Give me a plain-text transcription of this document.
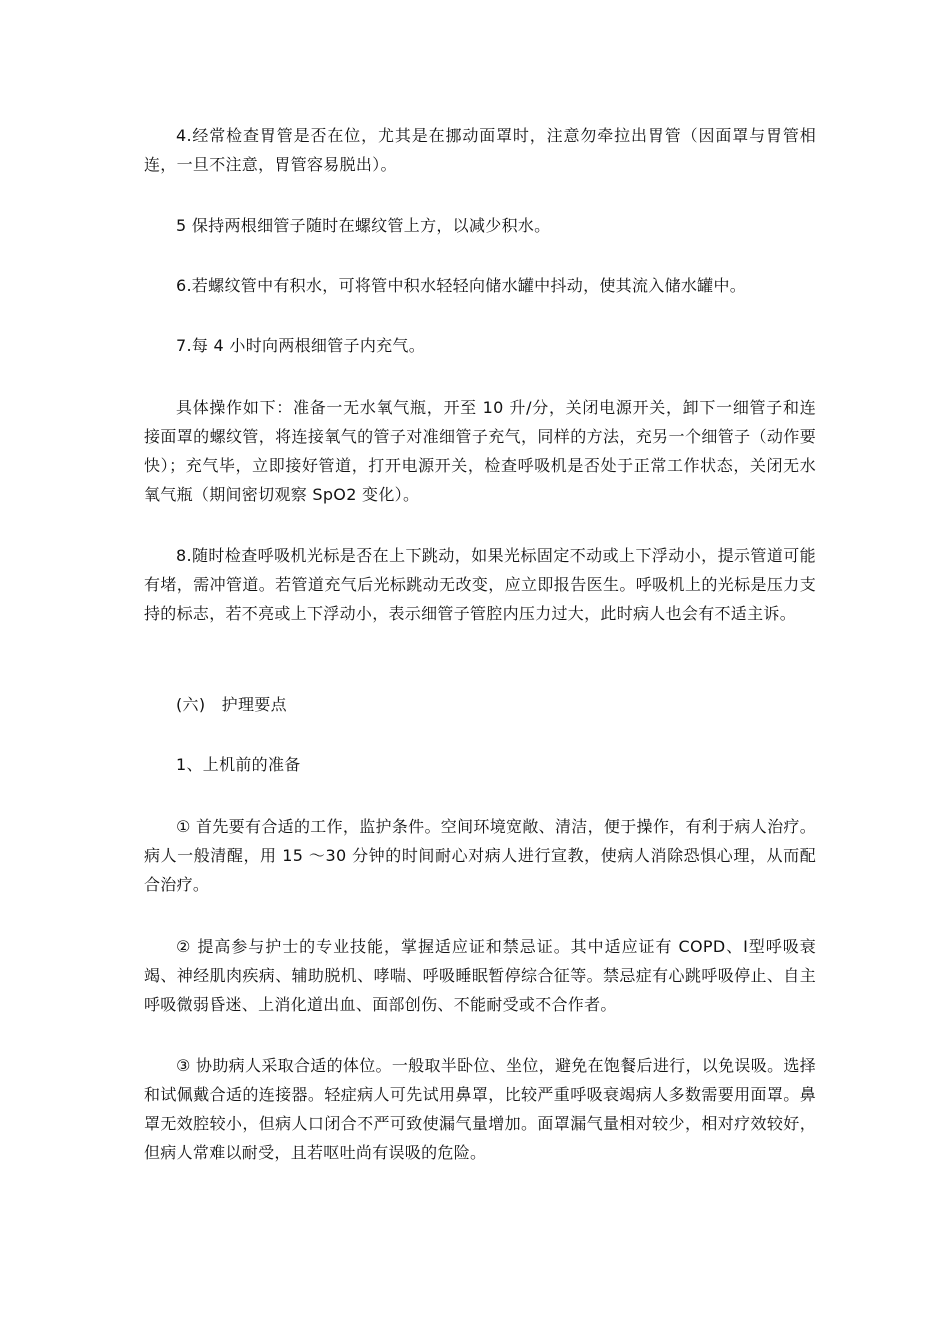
4.经常检查胃管是否在位，尤其是在挪动面罩时，注意勿牵拉出胃管（因面罩与胃管相连，一旦不注意，胃管容易脱出）。

5 保持两根细管子随时在螺纹管上方，以减少积水。

6.若螺纹管中有积水，可将管中积水轻轻向储水罐中抖动，使其流入储水罐中。

7.每 4 小时向两根细管子内充气。

具体操作如下：准备一无水氧气瓶，开至 10 升/分，关闭电源开关，卸下一细管子和连接面罩的螺纹管，将连接氧气的管子对准细管子充气，同样的方法，充另一个细管子（动作要快）；充气毕，立即接好管道，打开电源开关，检查呼吸机是否处于正常工作状态，关闭无水氧气瓶（期间密切观察 SpO2 变化）。

8.随时检查呼吸机光标是否在上下跳动，如果光标固定不动或上下浮动小，提示管道可能有堵，需冲管道。若管道充气后光标跳动无改变，应立即报告医生。呼吸机上的光标是压力支持的标志，若不亮或上下浮动小，表示细管子管腔内压力过大，此时病人也会有不适主诉。

(六)　护理要点

1、上机前的准备

① 首先要有合适的工作，监护条件。空间环境宽敞、清洁，便于操作，有利于病人治疗。病人一般清醒，用 15 ～30 分钟的时间耐心对病人进行宣教，使病人消除恐惧心理，从而配合治疗。

② 提高参与护士的专业技能，掌握适应证和禁忌证。其中适应证有 COPD、Ⅰ型呼吸衰竭、神经肌肉疾病、辅助脱机、哮喘、呼吸睡眠暂停综合征等。禁忌症有心跳呼吸停止、自主呼吸微弱昏迷、上消化道出血、面部创伤、不能耐受或不合作者。

③ 协助病人采取合适的体位。一般取半卧位、坐位，避免在饱餐后进行，以免误吸。选择和试佩戴合适的连接器。轻症病人可先试用鼻罩，比较严重呼吸衰竭病人多数需要用面罩。鼻罩无效腔较小，但病人口闭合不严可致使漏气量增加。面罩漏气量相对较少，相对疗效较好，但病人常难以耐受，且若呕吐尚有误吸的危险。
